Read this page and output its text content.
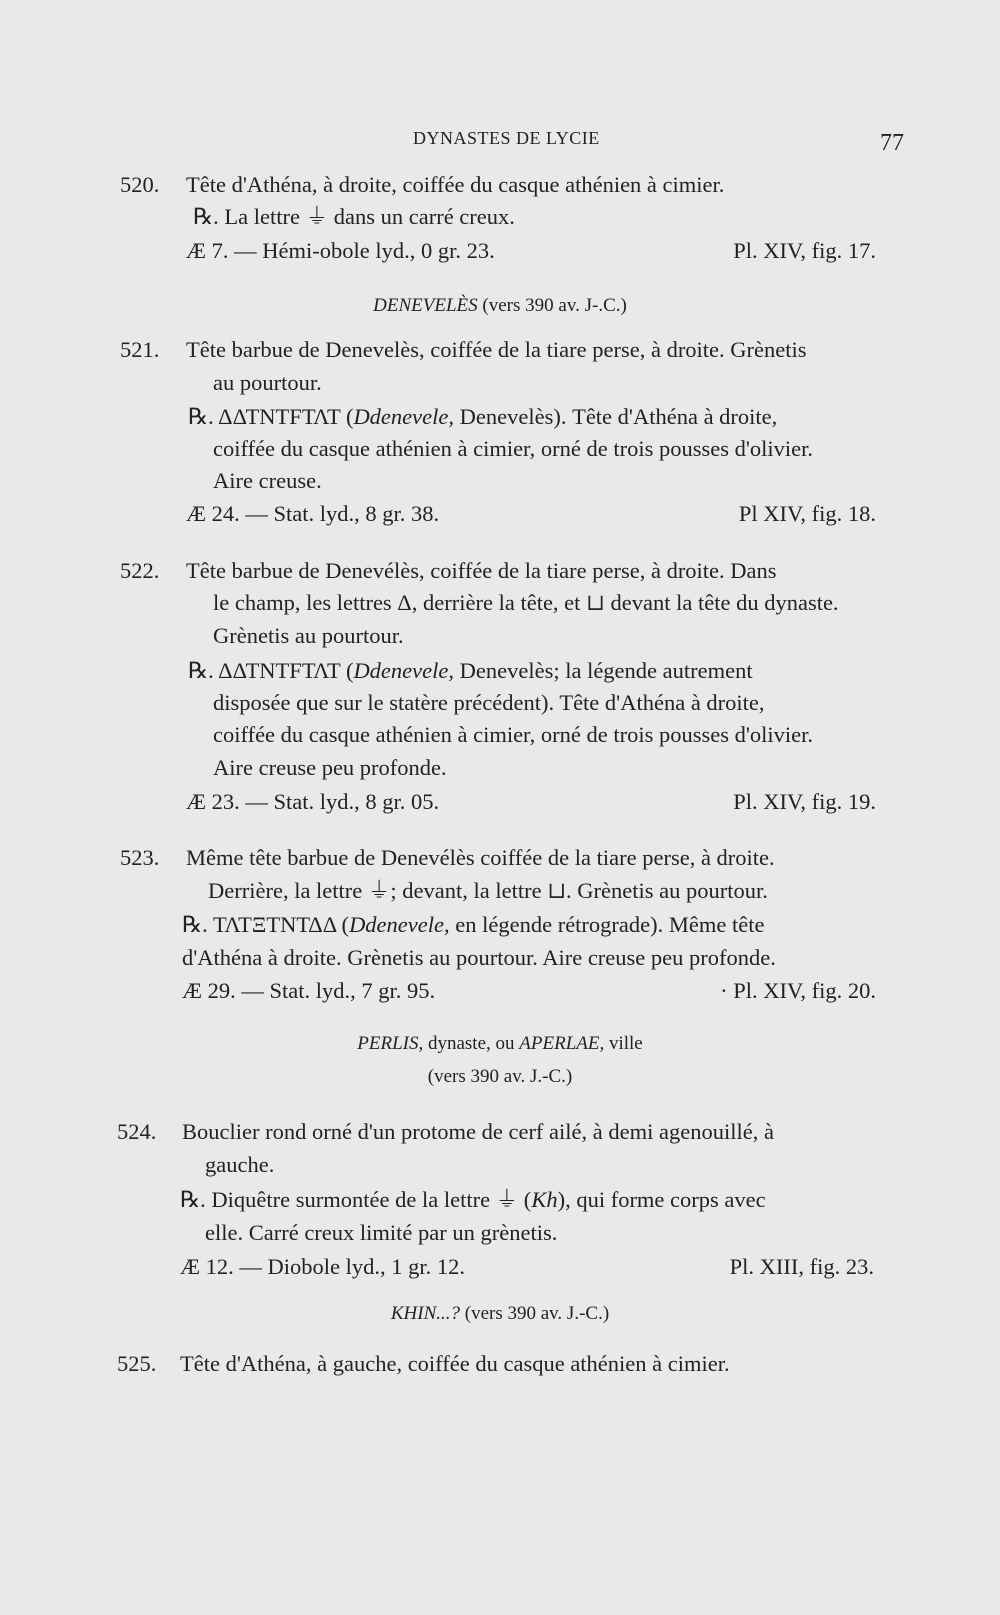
DYNASTES DE LYCIE	77
520. Tête d'Athéna, à droite, coiffée du casque athénien à cimier.
℞. La lettre ⏚ dans un carré creux.
Æ 7. — Hémi-obole lyd., 0 gr. 23.	Pl. XIV, fig. 17.
DENEVELÈS (vers 390 av. J-.C.)
521. Tête barbue de Denevelès, coiffée de la tiare perse, à droite. Grènetis
au pourtour.
℞. ΔΔΤΝΤFΤΛΤ (Ddenevele, Denevelès). Tête d'Athéna à droite,
coiffée du casque athénien à cimier, orné de trois pousses d'olivier.
Aire creuse.
Æ 24. — Stat. lyd., 8 gr. 38.	Pl XIV, fig. 18.
522. Tête barbue de Denevélès, coiffée de la tiare perse, à droite. Dans
le champ, les lettres Δ, derrière la tête, et ⊔ devant la tête du dynaste.
Grènetis au pourtour.
℞. ΔΔΤΝΤFΤΛΤ (Ddenevele, Denevelès; la légende autrement
disposée que sur le statère précédent). Tête d'Athéna à droite,
coiffée du casque athénien à cimier, orné de trois pousses d'olivier.
Aire creuse peu profonde.
Æ 23. — Stat. lyd., 8 gr. 05.	Pl. XIV, fig. 19.
523. Même tête barbue de Denevélès coiffée de la tiare perse, à droite.
Derrière, la lettre ⏚; devant, la lettre ⊔. Grènetis au pourtour.
℞. ΤΛΤΞΤΝΤΔΔ (Ddenevele, en légende rétrograde). Même tête
d'Athéna à droite. Grènetis au pourtour. Aire creuse peu profonde.
Æ 29. — Stat. lyd., 7 gr. 95.	· Pl. XIV, fig. 20.
PERLIS, dynaste, ou APERLAE, ville
(vers 390 av. J.-C.)
524. Bouclier rond orné d'un protome de cerf ailé, à demi agenouillé, à
gauche.
℞. Diquêtre surmontée de la lettre ⏚ (Kh), qui forme corps avec
elle. Carré creux limité par un grènetis.
Æ 12. — Diobole lyd., 1 gr. 12.	Pl. XIII, fig. 23.
KHIN...? (vers 390 av. J.-C.)
525. Tête d'Athéna, à gauche, coiffée du casque athénien à cimier.
